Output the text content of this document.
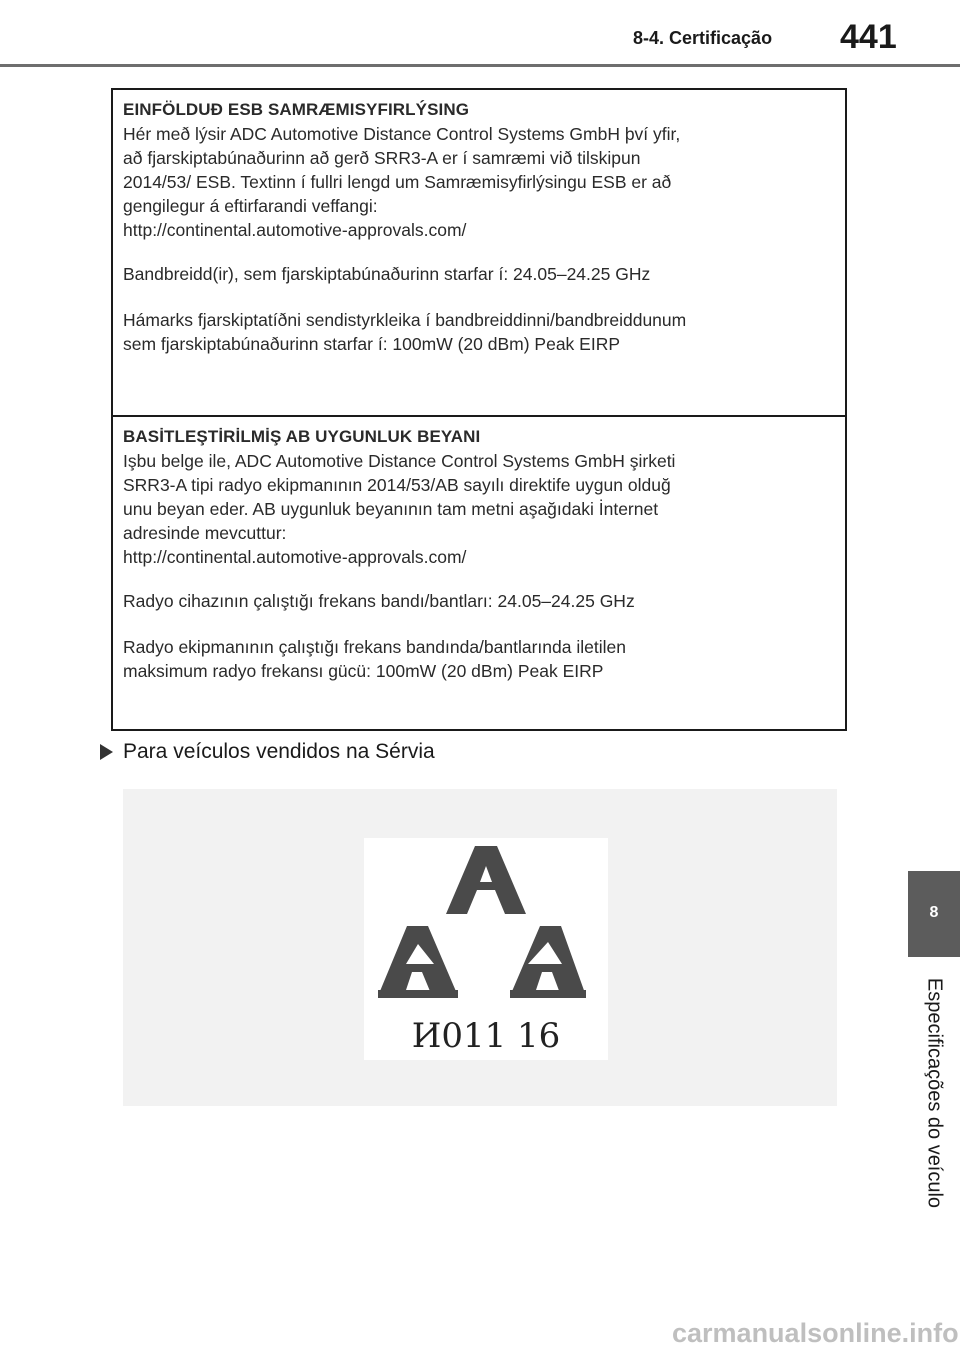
8-4. Certificação 441
EINFÖLDUÐ ESB SAMRÆMISYFIRLÝSING

Hér með lýsir ADC Automotive Distance Control Systems GmbH því yfir,

að fjarskiptabúnaðurinn að gerð SRR3-A er í samræmi við tilskipun

2014/53/ ESB. Textinn í fullri lengd um Samræmisyfirlýsingu ESB er að

gengilegur á eftirfarandi veffangi:

http://continental.automotive-approvals.com/

Bandbreidd(ir), sem fjarskiptabúnaðurinn starfar í: 24.05–24.25 GHz

Hámarks fjarskiptatíðni sendistyrkleika í bandbreiddinni/bandbreiddunum

sem fjarskiptabúnaðurinn starfar í: 100mW (20 dBm) Peak EIRP

BASİTLEŞTİRİLMİŞ AB UYGUNLUK BEYANI

Işbu belge ile, ADC Automotive Distance Control Systems GmbH şirketi

SRR3-A tipi radyo ekipmanının 2014/53/AB sayılı direktife uygun olduğ

unu beyan eder. AB uygunluk beyanının tam metni aşağıdaki İnternet

adresinde mevcuttur:

http://continental.automotive-approvals.com/

Radyo cihazının çalıştığı frekans bandı/bantları: 24.05–24.25 GHz

Radyo ekipmanının çalıştığı frekans bandında/bantlarında iletilen

maksimum radyo frekansı gücü: 100mW (20 dBm) Peak EIRP

Para veículos vendidos na Sérvia
И011 16
8
Especificações do veículo
carmanualsonline.info
